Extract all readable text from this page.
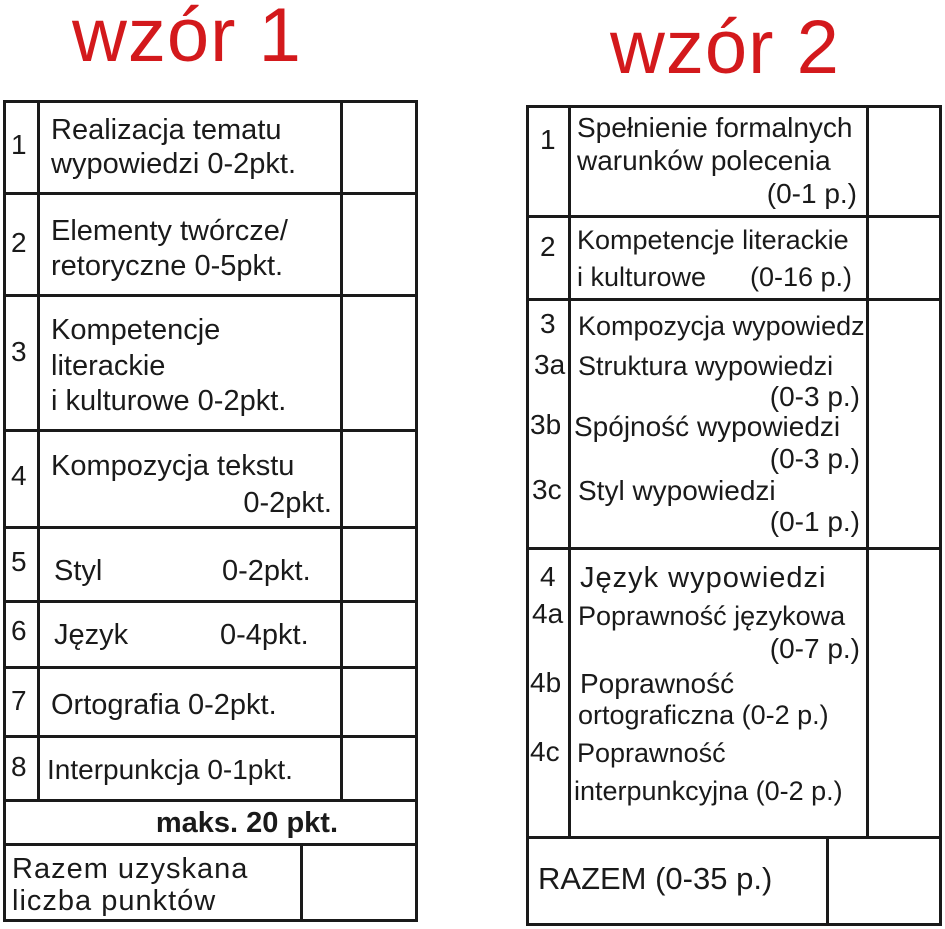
wzór 1	wzór 2
1 Realizacja tematu
wypowiedzi 0-2pkt.
2 Elementy twórcze/
retoryczne 0-5pkt.
3
Kompetencje
literackie
i kulturowe 0-2pkt.
4 Kompozycja tekstu
0-2pkt.
5 Styl	0-2pkt.
6 Język	0-4pkt.
7 Ortografia 0-2pkt.
8 Interpunkcja 0-1pkt.
maks. 20 pkt.
Razem uzyskana
liczba punktów
1 Spełnienie formalnych
warunków polecenia
(0-1 p.)
2 Kompetencje literackie
i kulturowe (0-16 p.)
3 Kompozycja wypowiedzi
3a Struktura wypowiedzi
(0-3 p.)
3b Spójność wypowiedzi
(0-3 p.)
3c Styl wypowiedzi
(0-1 p.)
4 Język wypowiedzi
4a Poprawność językowa
(0-7 p.)
4b Poprawność
ortograficzna (0-2 p.)
4c Poprawność
interpunkcyjna (0-2 p.)
RAZEM (0-35 p.)
